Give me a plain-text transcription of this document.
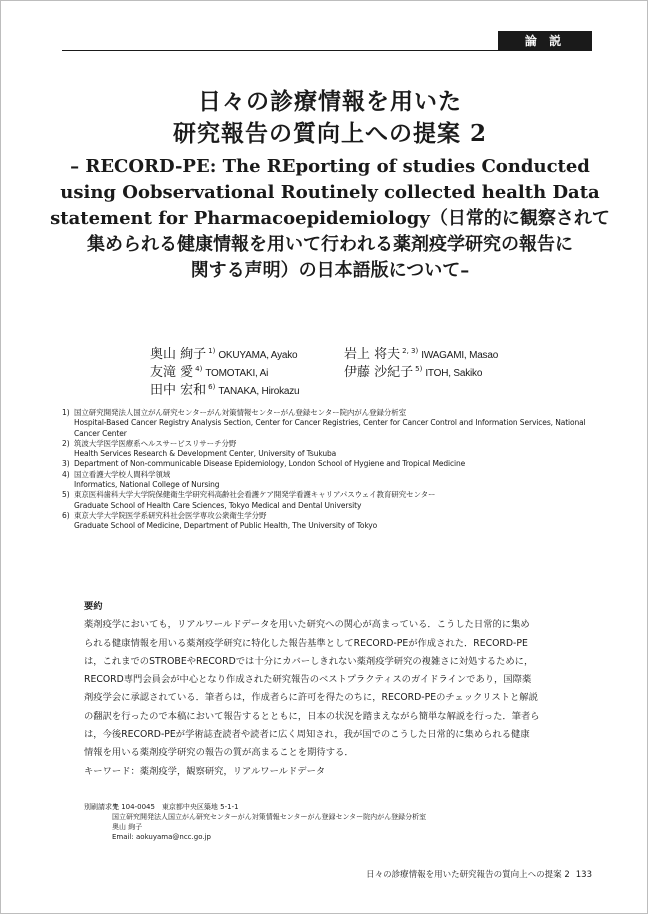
論 説
日々の診療情報を用いた
研究報告の質向上への提案 2
– RECORD-PE: The REporting of studies Conducted
using Oobservational Routinely collected health Data
statement for Pharmacoepidemiology（日常的に観察されて
集められる健康情報を用いて行われる薬剤疫学研究の報告に
関する声明）の日本語版について–
奥山 絢子 $^{1)}$ OKUYAMA, Ayako	岩上 将夫 $^{2, 3)}$ IWAGAMI, Masao
友滝 愛 $^{4)}$ TOMOTAKI, Ai	伊藤 沙紀子 $^{5)}$ ITOH, Sakiko
田中 宏和 $^{6)}$ TANAKA, Hirokazu
1) 国立研究開発法人国立がん研究センターがん対策情報センターがん登録センター院内がん登録分析室
Hospital-Based Cancer Registry Analysis Section, Center for Cancer Registries, Center for Cancer Control and Information Services, National
Cancer Center
2) 筑波大学医学医療系ヘルスサービスリサーチ分野
Health Services Research & Development Center, University of Tsukuba
3) Department of Non-communicable Disease Epidemiology, London School of Hygiene and Tropical Medicine
4) 国立看護大学校人間科学領域
Informatics, National College of Nursing
5) 東京医科歯科大学大学院保健衛生学研究科高齢社会看護ケア開発学看護キャリアパスウェイ教育研究センター
Graduate School of Health Care Sciences, Tokyo Medical and Dental University
6) 東京大学大学院医学系研究科社会医学専攻公衆衛生学分野
Graduate School of Medicine, Department of Public Health, The University of Tokyo
要約
薬剤疫学においても，リアルワールドデータを用いた研究への関心が高まっている．こうした日常的に集め
られる健康情報を用いる薬剤疫学研究に特化した報告基準としてRECORD-PEが作成された．RECORD-PE
は，これまでのSTROBEやRECORDでは十分にカバーしきれない薬剤疫学研究の複雑さに対処するために，
RECORD専門会員会が中心となり作成された研究報告のベストプラクティスのガイドラインであり，国際薬
剤疫学会に承認されている．筆者らは，作成者らに許可を得たのちに，RECORD-PEのチェックリストと解説
の翻訳を行ったので本稿において報告するとともに，日本の状況を踏まえながら簡単な解説を行った．筆者ら
は，今後RECORD-PEが学術誌査読者や読者に広く周知され，我が国でのこうした日常的に集められる健康
情報を用いる薬剤疫学研究の報告の質が高まることを期待する．
キーワード：薬剤疫学，観察研究，リアルワールドデータ
別刷請求先
〒 104-0045　東京都中央区築地 5-1-1
国立研究開発法人国立がん研究センターがん対策情報センターがん登録センター院内がん登録分析室
奥山 絢子
Email: aokuyama@ncc.go.jp
日々の診療情報を用いた研究報告の質向上への提案 2 133
